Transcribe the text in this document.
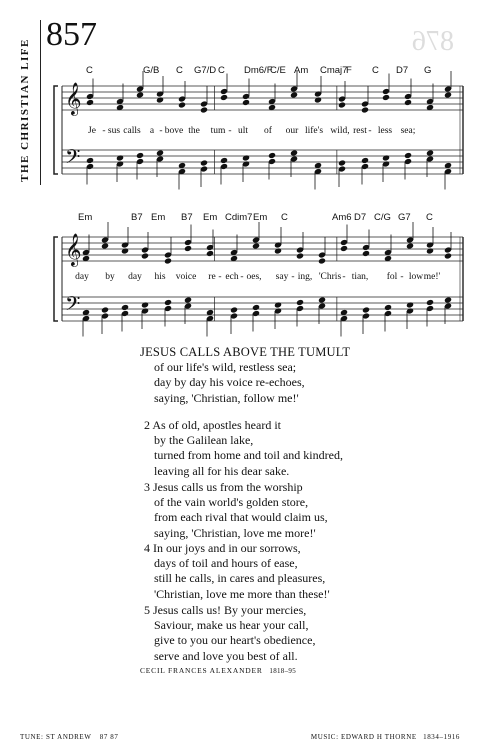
THE CHRISTIAN LIFE
857	876
𝄞
𝄢
𝄞
𝄢
C	G/B C G7/D C Dm6/F
C/E Am Cmaj7
F C D7 G
Je - sus calls a - bove the tum - ult of our life's wild, rest - less sea;
Em	B7 Em B7 Em Cdim7 Em C	Am6 D7 C/G G7 C
day by day his voice re - ech - oes, say - ing, 'Chris - tian, fol - low me!'
JESUS CALLS ABOVE THE TUMULT
of our life's wild, restless sea;
day by day his voice re-echoes,
saying, 'Christian, follow me!'
2 As of old, apostles heard it
by the Galilean lake,
turned from home and toil and kindred,
leaving all for his dear sake.
3 Jesus calls us from the worship
of the vain world's golden store,
from each rival that would claim us,
saying, 'Christian, love me more!'
4 In our joys and in our sorrows,
days of toil and hours of ease,
still he calls, in cares and pleasures,
'Christian, love me more than these!'
5 Jesus calls us! By your mercies,
Saviour, make us hear your call,
give to you our heart's obedience,
serve and love you best of all.
CECIL FRANCES ALEXANDER 1818–95
TUNE: ST ANDREW 87 87	MUSIC: EDWARD H THORNE 1834–1916
